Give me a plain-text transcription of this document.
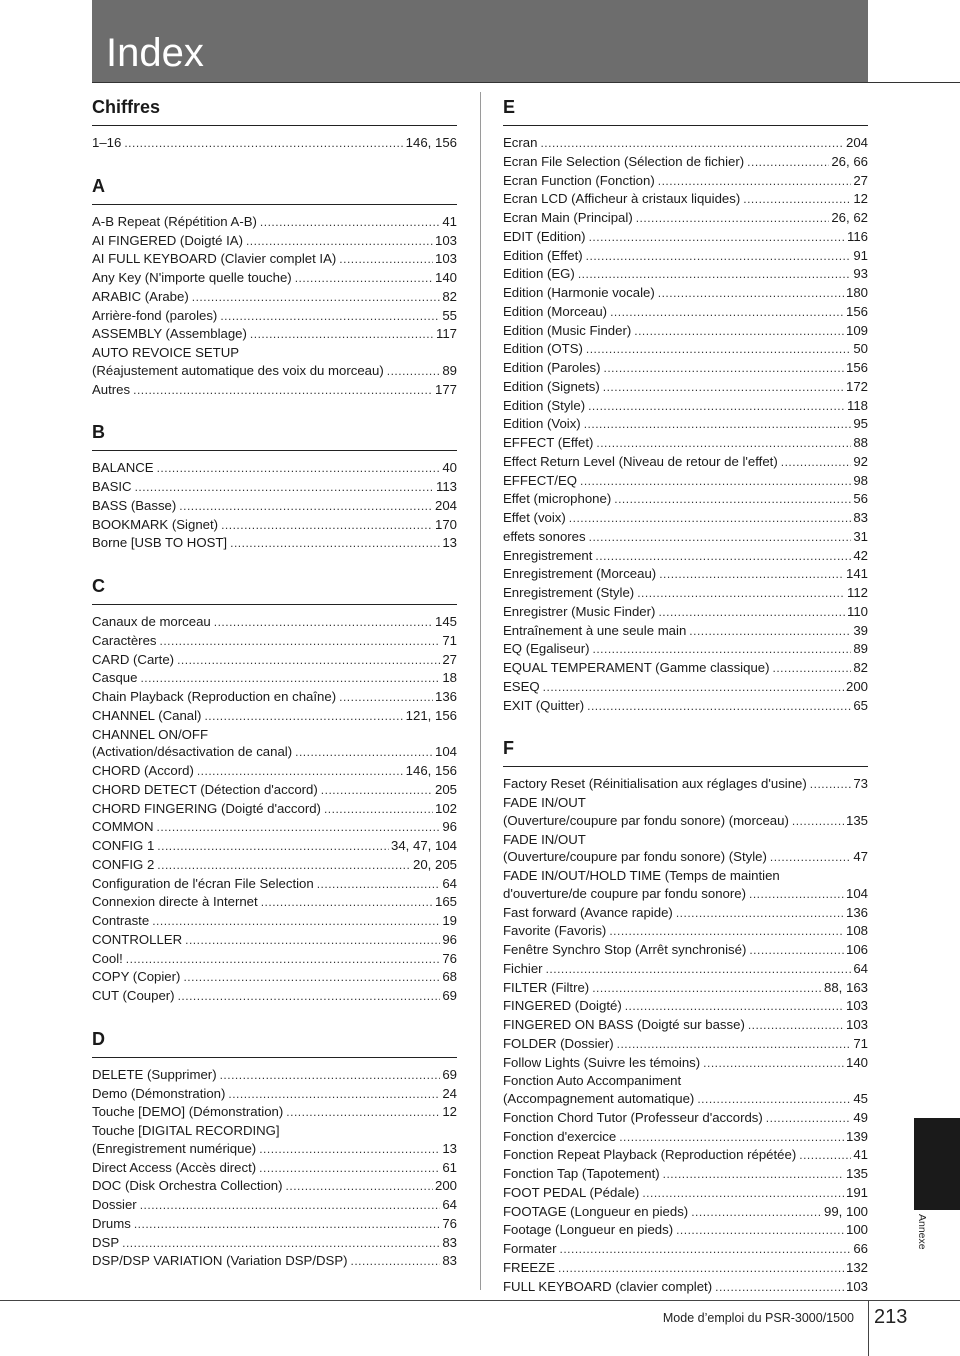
Index
Chiffres
1–16 .....	146, 156
A
A-B Repeat (Répétition A-B) .....	41
AI FINGERED (Doigté IA) .....	103
AI FULL KEYBOARD (Clavier complet IA) .....	103
Any Key (N'importe quelle touche) .....	140
ARABIC (Arabe) .....	82
Arrière-fond (paroles) .....	55
ASSEMBLY (Assemblage) .....	117
AUTO REVOICE SETUP
(Réajustement automatique des voix du morceau) .....	89
Autres .....	177
B
BALANCE .....	40
BASIC .....	113
BASS (Basse) .....	204
BOOKMARK (Signet) .....	170
Borne [USB TO HOST] .....	13
C
Canaux de morceau .....	145
Caractères .....	71
CARD (Carte) .....	27
Casque .....	18
Chain Playback (Reproduction en chaîne) .....	136
CHANNEL (Canal) .....	121, 156
CHANNEL ON/OFF
(Activation/désactivation de canal) .....	104
CHORD (Accord) .....	146, 156
CHORD DETECT (Détection d'accord) .....	205
CHORD FINGERING (Doigté d'accord) .....	102
COMMON .....	96
CONFIG 1 .....	34, 47, 104
CONFIG 2 .....	20, 205
Configuration de l'écran File Selection .....	64
Connexion directe à Internet .....	165
Contraste .....	19
CONTROLLER .....	96
Cool! .....	76
COPY (Copier) .....	68
CUT (Couper) .....	69
D
DELETE (Supprimer) .....	69
Demo (Démonstration) .....	24
Touche [DEMO] (Démonstration) .....	12
Touche [DIGITAL RECORDING]
(Enregistrement numérique) .....	13
Direct Access (Accès direct) .....	61
DOC (Disk Orchestra Collection) .....	200
Dossier .....	64
Drums .....	76
DSP .....	83
DSP/DSP VARIATION (Variation DSP/DSP) .....	83
E
Ecran .....	204
Ecran File Selection (Sélection de fichier) .....	26, 66
Ecran Function (Fonction) .....	27
Ecran LCD (Afficheur à cristaux liquides) .....	12
Ecran Main (Principal) .....	26, 62
EDIT (Edition) .....	116
Edition (Effet) .....	91
Edition (EG) .....	93
Edition (Harmonie vocale) .....	180
Edition (Morceau) .....	156
Edition (Music Finder) .....	109
Edition (OTS) .....	50
Edition (Paroles) .....	156
Edition (Signets) .....	172
Edition (Style) .....	118
Edition (Voix) .....	95
EFFECT (Effet) .....	88
Effect Return Level (Niveau de retour de l'effet) .....	92
EFFECT/EQ .....	98
Effet (microphone) .....	56
Effet (voix) .....	83
effets sonores .....	31
Enregistrement .....	42
Enregistrement (Morceau) .....	141
Enregistrement (Style) .....	112
Enregistrer (Music Finder) .....	110
Entraînement à une seule main .....	39
EQ (Egaliseur) .....	89
EQUAL TEMPERAMENT (Gamme classique) .....	82
ESEQ .....	200
EXIT (Quitter) .....	65
F
Factory Reset (Réinitialisation aux réglages d'usine) .....	73
FADE IN/OUT
(Ouverture/coupure par fondu sonore) (morceau) .....	135
FADE IN/OUT
(Ouverture/coupure par fondu sonore) (Style) .....	47
FADE IN/OUT/HOLD TIME (Temps de maintien
d'ouverture/de coupure par fondu sonore) .....	104
Fast forward (Avance rapide) .....	136
Favorite (Favoris) .....	108
Fenêtre Synchro Stop (Arrêt synchronisé) .....	106
Fichier .....	64
FILTER (Filtre) .....	88, 163
FINGERED (Doigté) .....	103
FINGERED ON BASS (Doigté sur basse) .....	103
FOLDER (Dossier) .....	71
Follow Lights (Suivre les témoins) .....	140
Fonction Auto Accompaniment
(Accompagnement automatique) .....	45
Fonction Chord Tutor (Professeur d'accords) .....	49
Fonction d'exercice .....	139
Fonction Repeat Playback (Reproduction répétée) .....	41
Fonction Tap (Tapotement) .....	135
FOOT PEDAL (Pédale) .....	191
FOOTAGE (Longueur en pieds) .....	99, 100
Footage (Longueur en pieds) .....	100
Formater .....	66
FREEZE .....	132
FULL KEYBOARD (clavier complet) .....	103
Annexe
Mode d’emploi du PSR-3000/1500 213
